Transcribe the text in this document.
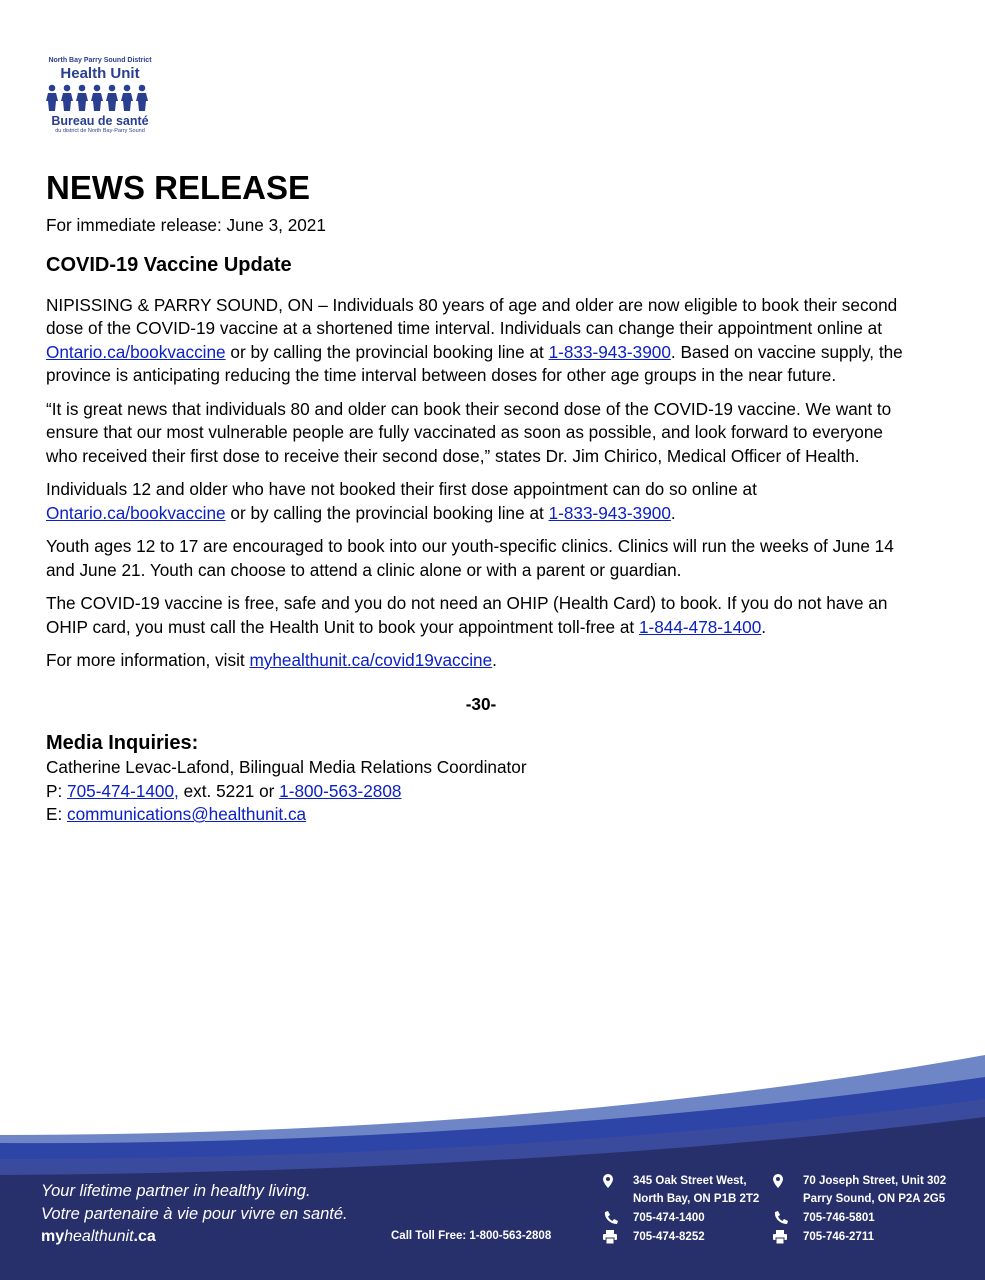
North Bay Parry Sound District
Health Unit
Bureau de santé
du district de North Bay-Parry Sound
NEWS RELEASE
For immediate release: June 3, 2021
COVID-19 Vaccine Update

NIPISSING & PARRY SOUND, ON – Individuals 80 years of age and older are now eligible to book their second dose of the COVID-19 vaccine at a shortened time interval. Individuals can change their appointment online at Ontario.ca/bookvaccine or by calling the provincial booking line at 1-833-943-3900. Based on vaccine supply, the province is anticipating reducing the time interval between doses for other age groups in the near future.

“It is great news that individuals 80 and older can book their second dose of the COVID-19 vaccine. We want to ensure that our most vulnerable people are fully vaccinated as soon as possible, and look forward to everyone who received their first dose to receive their second dose,” states Dr. Jim Chirico, Medical Officer of Health.

Individuals 12 and older who have not booked their first dose appointment can do so online at Ontario.ca/bookvaccine or by calling the provincial booking line at 1-833-943-3900.

Youth ages 12 to 17 are encouraged to book into our youth-specific clinics. Clinics will run the weeks of June 14 and June 21. Youth can choose to attend a clinic alone or with a parent or guardian.

The COVID-19 vaccine is free, safe and you do not need an OHIP (Health Card) to book. If you do not have an OHIP card, you must call the Health Unit to book your appointment toll-free at 1-844-478-1400.

For more information, visit myhealthunit.ca/covid19vaccine.

-30-
Media Inquiries:
Catherine Levac-Lafond, Bilingual Media Relations Coordinator
P: 705-474-1400, ext. 5221 or 1-800-563-2808
E: communications@healthunit.ca
Your lifetime partner in healthy living.
Votre partenaire à vie pour vivre en santé.
myhealthunit.ca	Call Toll Free: 1-800-563-2808
345 Oak Street West,
North Bay, ON P1B 2T2
705-474-1400
705-474-8252
70 Joseph Street, Unit 302
Parry Sound, ON P2A 2G5
705-746-5801
705-746-2711
